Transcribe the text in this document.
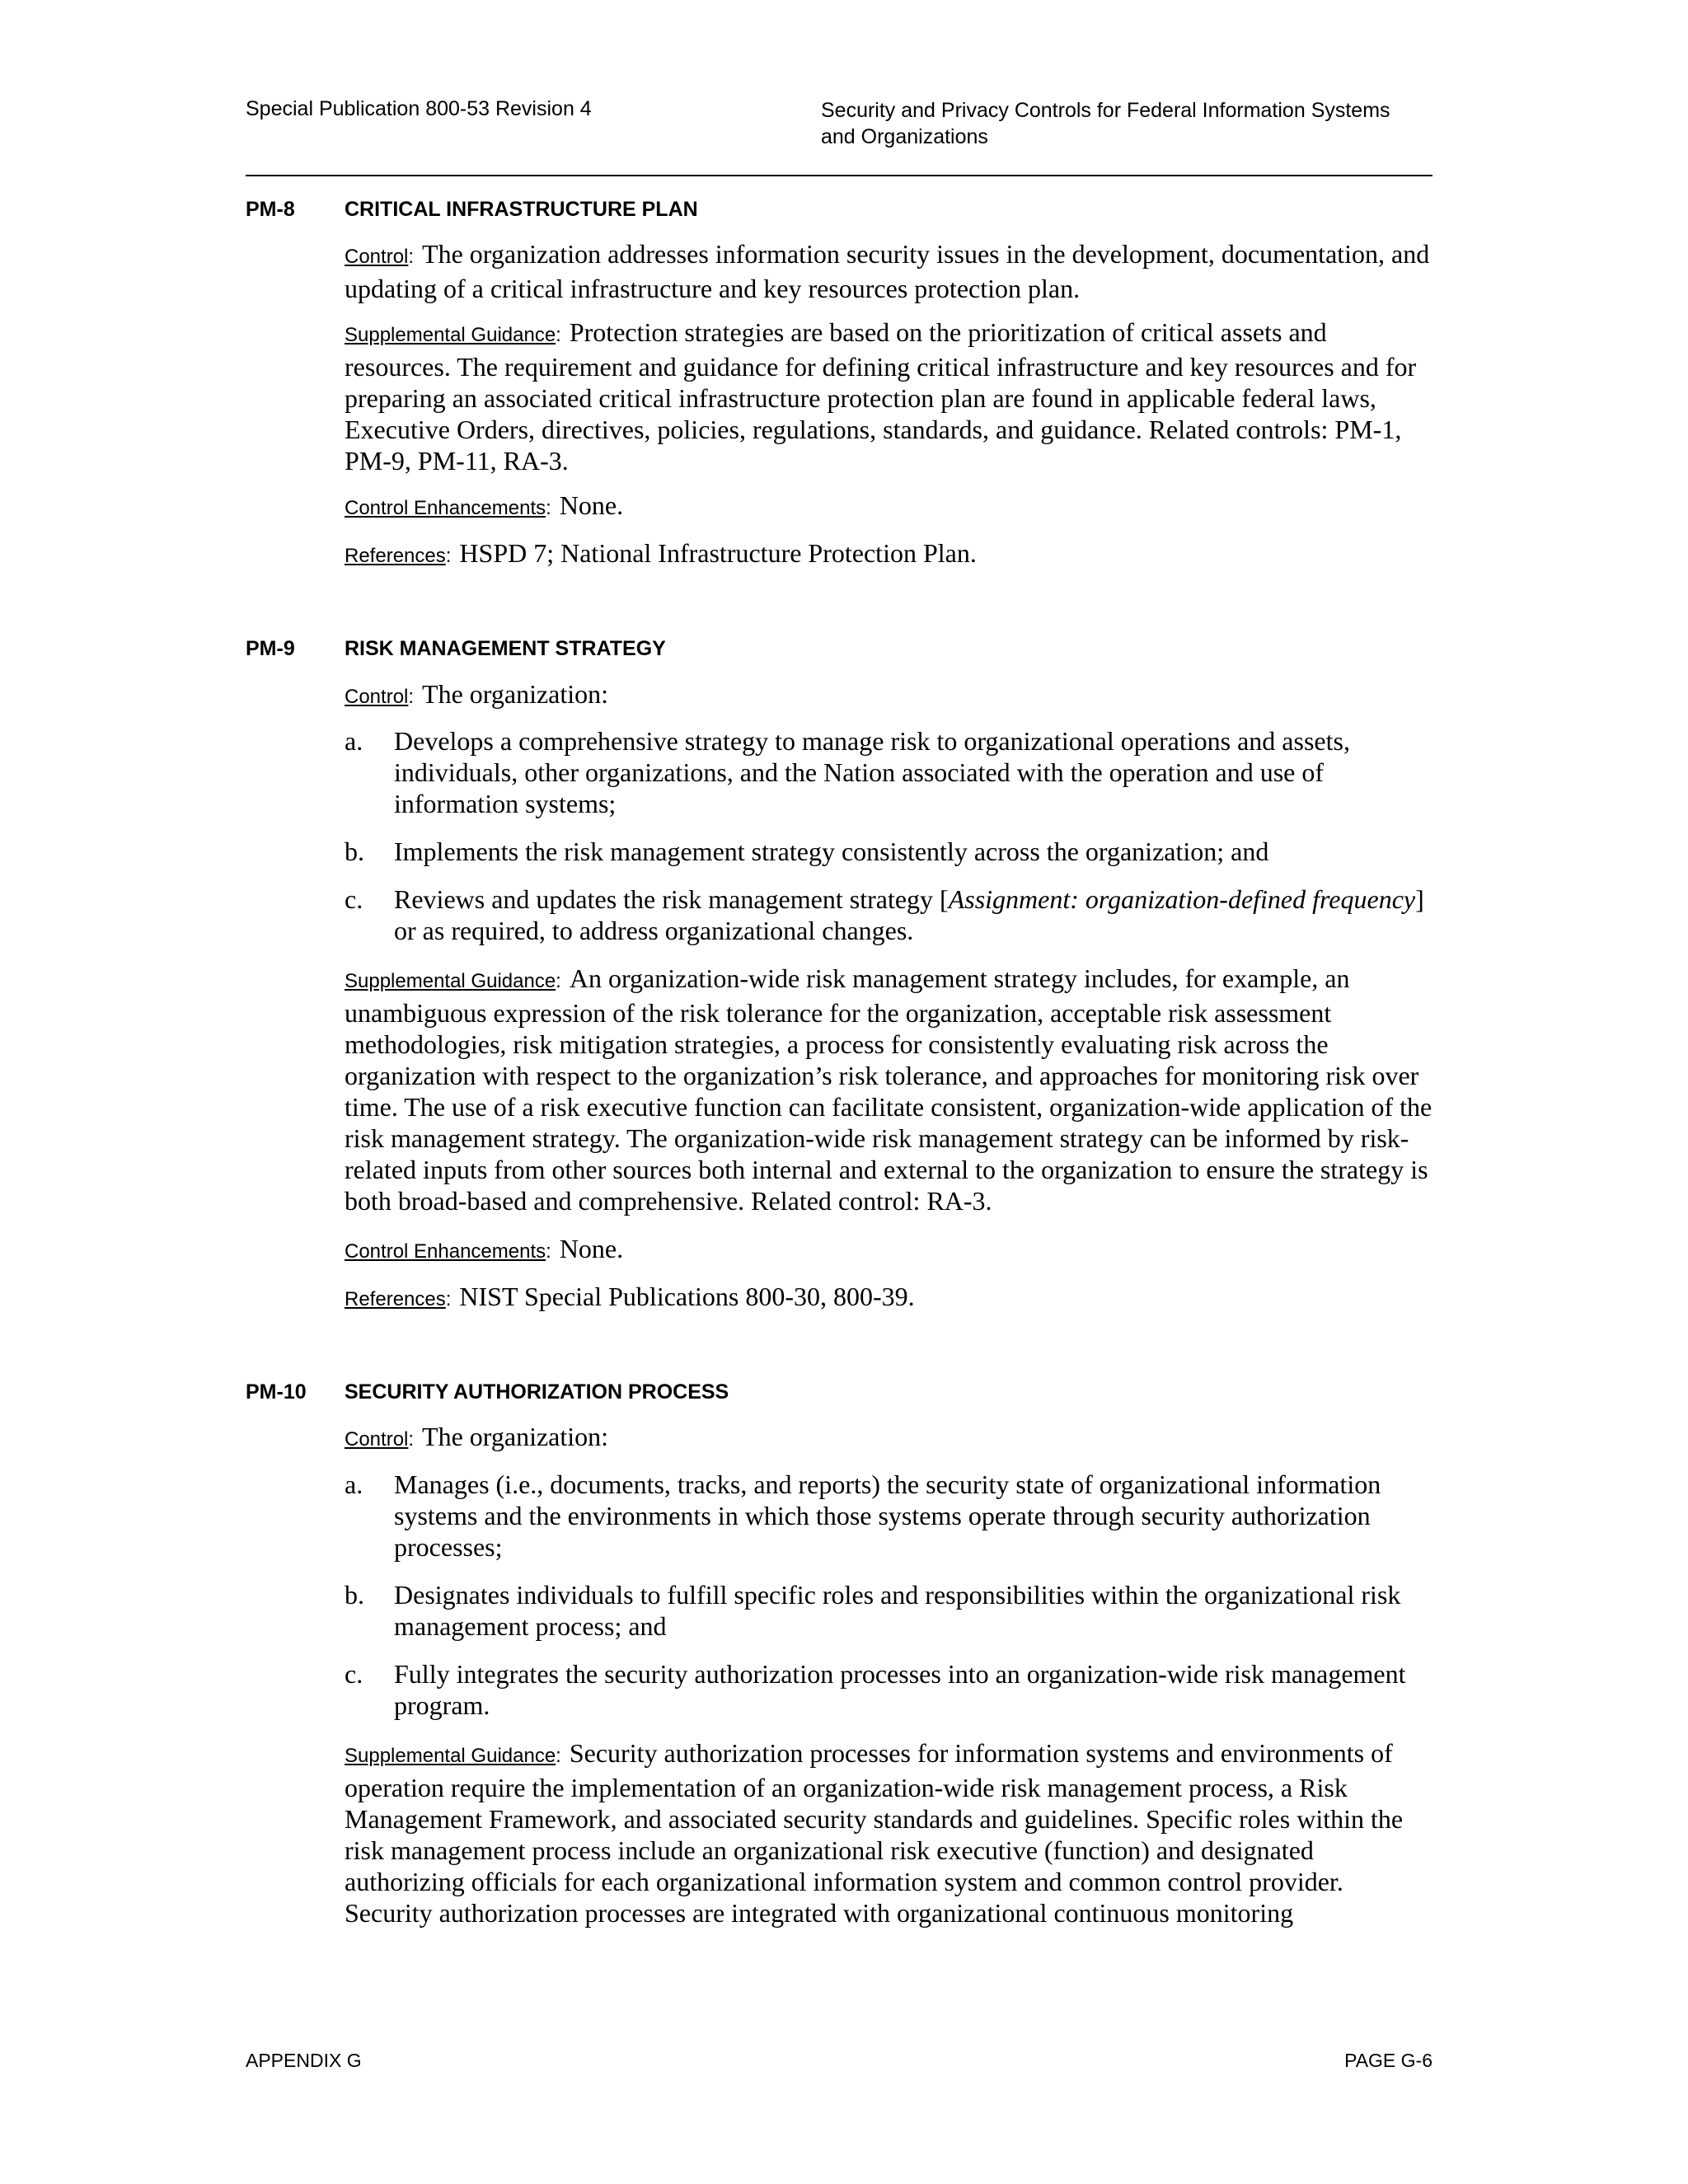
Special Publication 800-53 Revision 4	Security and Privacy Controls for Federal Information Systems
and Organizations
PM-8 CRITICAL INFRASTRUCTURE PLAN
Control: The organization addresses information security issues in the development, documentation, and updating of a critical infrastructure and key resources protection plan.
Supplemental Guidance: Protection strategies are based on the prioritization of critical assets and resources. The requirement and guidance for defining critical infrastructure and key resources and for preparing an associated critical infrastructure protection plan are found in applicable federal laws, Executive Orders, directives, policies, regulations, standards, and guidance. Related controls: PM-1, PM-9, PM-11, RA-3.
Control Enhancements: None.
References: HSPD 7; National Infrastructure Protection Plan.
PM-9 RISK MANAGEMENT STRATEGY
Control: The organization:
a. Develops a comprehensive strategy to manage risk to organizational operations and assets, individuals, other organizations, and the Nation associated with the operation and use of information systems;
b. Implements the risk management strategy consistently across the organization; and
c. Reviews and updates the risk management strategy [Assignment: organization-defined frequency] or as required, to address organizational changes.
Supplemental Guidance: An organization-wide risk management strategy includes, for example, an unambiguous expression of the risk tolerance for the organization, acceptable risk assessment methodologies, risk mitigation strategies, a process for consistently evaluating risk across the organization with respect to the organization’s risk tolerance, and approaches for monitoring risk over time. The use of a risk executive function can facilitate consistent, organization-wide application of the risk management strategy. The organization-wide risk management strategy can be informed by risk-related inputs from other sources both internal and external to the organization to ensure the strategy is both broad-based and comprehensive. Related control: RA-3.
Control Enhancements: None.
References: NIST Special Publications 800-30, 800-39.
PM-10 SECURITY AUTHORIZATION PROCESS
Control: The organization:
a. Manages (i.e., documents, tracks, and reports) the security state of organizational information systems and the environments in which those systems operate through security authorization processes;
b. Designates individuals to fulfill specific roles and responsibilities within the organizational risk management process; and
c. Fully integrates the security authorization processes into an organization-wide risk management program.
Supplemental Guidance: Security authorization processes for information systems and environments of operation require the implementation of an organization-wide risk management process, a Risk Management Framework, and associated security standards and guidelines. Specific roles within the risk management process include an organizational risk executive (function) and designated authorizing officials for each organizational information system and common control provider. Security authorization processes are integrated with organizational continuous monitoring
APPENDIX G	PAGE G-6
